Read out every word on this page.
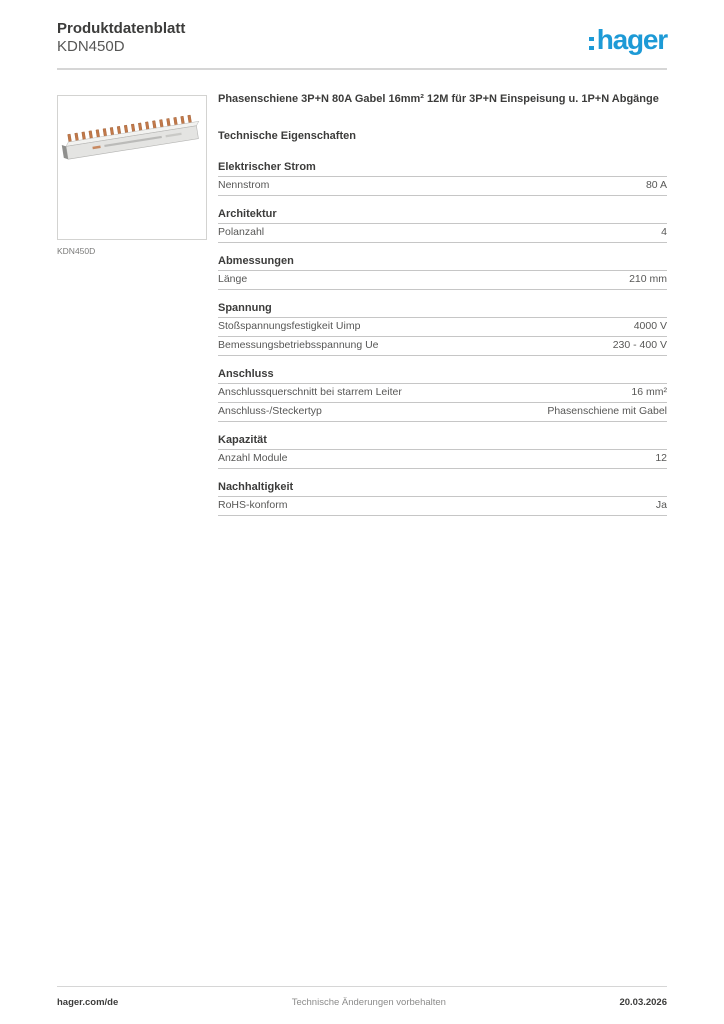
Produktdatenblatt
KDN450D	hager
KDN450D
Phasenschiene 3P+N 80A Gabel 16mm² 12M für 3P+N Einspeisung u. 1P+N Abgänge
Technische Eigenschaften
Elektrischer Strom
Nennstrom	80 A
Architektur
Polanzahl	4
Abmessungen
Länge	210 mm
Spannung
Stoßspannungsfestigkeit Uimp	4000 V
Bemessungsbetriebsspannung Ue	230 - 400 V
Anschluss
Anschlussquerschnitt bei starrem Leiter	16 mm²
Anschluss-/Steckertyp	Phasenschiene mit Gabel
Kapazität
Anzahl Module	12
Nachhaltigkeit
RoHS-konform	Ja
hager.com/de	Technische Änderungen vorbehalten	20.03.2026
